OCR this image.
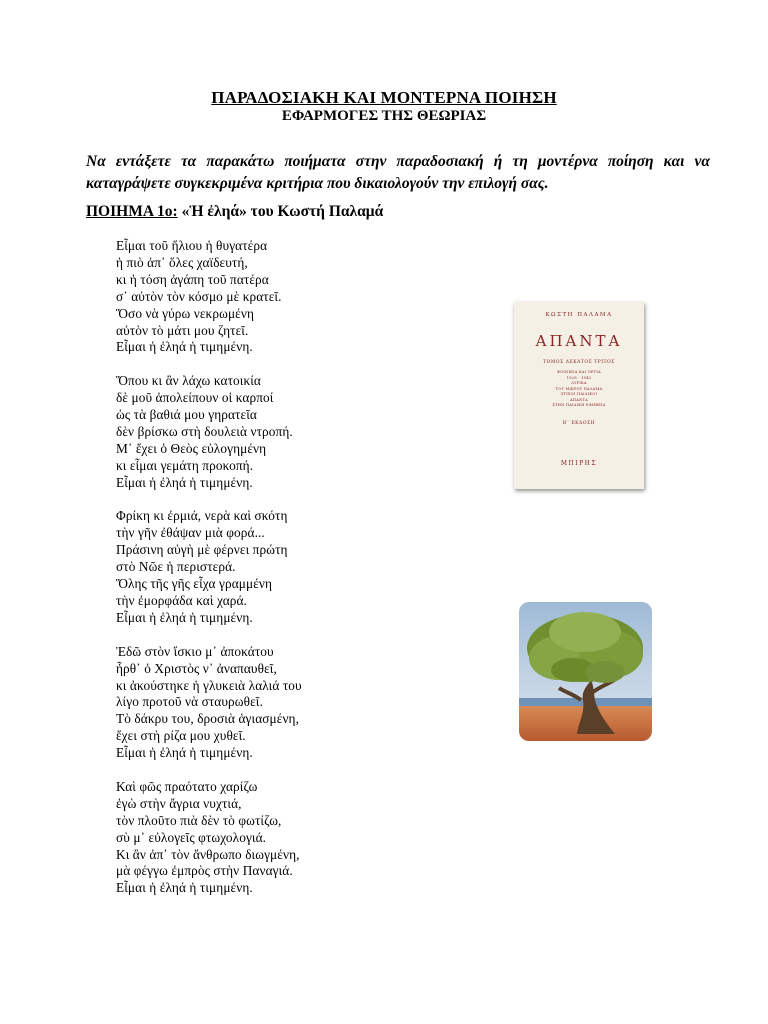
ΠΑΡΑΔΟΣΙΑΚΗ ΚΑΙ ΜΟΝΤΕΡΝΑ ΠΟΙΗΣΗ
ΕΦΑΡΜΟΓΕΣ ΤΗΣ ΘΕΩΡΙΑΣ
Να εντάξετε τα παρακάτω ποιήματα στην παραδοσιακή ή τη μοντέρνα ποίηση και να καταγράψετε συγκεκριμένα κριτήρια που δικαιολογούν την επιλογή σας.
ΠΟΙΗΜΑ 1ο: «Ἡ ἐληά» του Κωστή Παλαμά
Εἶμαι τοῦ ἥλιου ἡ θυγατέρα
ἡ πιὸ ἀπ᾽ ὅλες χαϊδευτή,
κι ἡ τόση ἀγάπη τοῦ πατέρα
σ᾽ αὐτὸν τὸν κόσμο μὲ κρατεῖ.
Ὅσο νὰ γύρω νεκρωμένη
αὐτὸν τὸ μάτι μου ζητεῖ.
Εἶμαι ἡ ἐληά ἡ τιμημένη.
Ὅπου κι ἂν λάχω κατοικία
δὲ μοῦ ἀπολείπουν οἱ καρποί
ὡς τὰ βαθιά μου γηρατεῖα
δὲν βρίσκω στὴ δουλειὰ ντροπή.
Μ᾽ ἔχει ὁ Θεὸς εὐλογημένη
κι εἶμαι γεμάτη προκοπή.
Εἶμαι ἡ ἐληά ἡ τιμημένη.
Φρίκη κι ἐρμιά, νερὰ καὶ σκότη
τὴν γῆν ἐθάψαν μιὰ φορά...
Πράσινη αὐγὴ μὲ φέρνει πρώτη
στὸ Νῶε ἡ περιστερά.
Ὅλης τῆς γῆς εἶχα γραμμένη
τὴν ἐμορφάδα καὶ χαρά.
Εἶμαι ἡ ἐληά ἡ τιμημένη.
Ἐδῶ στὸν ἴσκιο μ᾽ ἀποκάτου
ἦρθ᾽ ὁ Χριστὸς ν᾽ ἀναπαυθεῖ,
κι ἀκούστηκε ἡ γλυκειὰ λαλιά του
λίγο προτοῦ νὰ σταυρωθεῖ.
Τὸ δάκρυ του, δροσιὰ ἁγιασμένη,
ἔχει στὴ ρίζα μου χυθεῖ.
Εἶμαι ἡ ἐληά ἡ τιμημένη.
Καὶ φῶς πραότατο χαρίζω
ἐγὼ στὴν ἄγρια νυχτιά,
τὸν πλοῦτο πιὰ δὲν τὸ φωτίζω,
σὺ μ᾽ εὐλογεῖς φτωχολογιά.
Κι ἂν ἀπ᾽ τὸν ἄνθρωπο διωγμένη,
μὰ φέγγω ἐμπρὸς στὴν Παναγιά.
Εἶμαι ἡ ἐληά ἡ τιμημένη.
ΚΩΣΤΗ ΠΑΛΑΜΑ
ΑΠΑΝΤΑ
ΤΟΜΟΣ ΔΕΚΑΤΟΣ ΤΡΙΤΟΣ
ΦΟΙΝΙΚΙΑ ΚΑΙ ΟΡΓΙΑ
1928 - 1942
ΛΥΡΙΚΑ
ΤΟΥ ΜΙΚΡΟΥ ΠΑΛΑΜΑ
ΣΤΙΧΟΙ ΠΑΙΔΙΚΟΙ
ΑΠΑΝΤΑ
ΣΤΗΝ ΠΑΙΔΙΚΗ ΕΦΗΒΕΙΑ
Β΄ ΕΚΔΟΣΗ
ΜΠΙΡΗΣ
